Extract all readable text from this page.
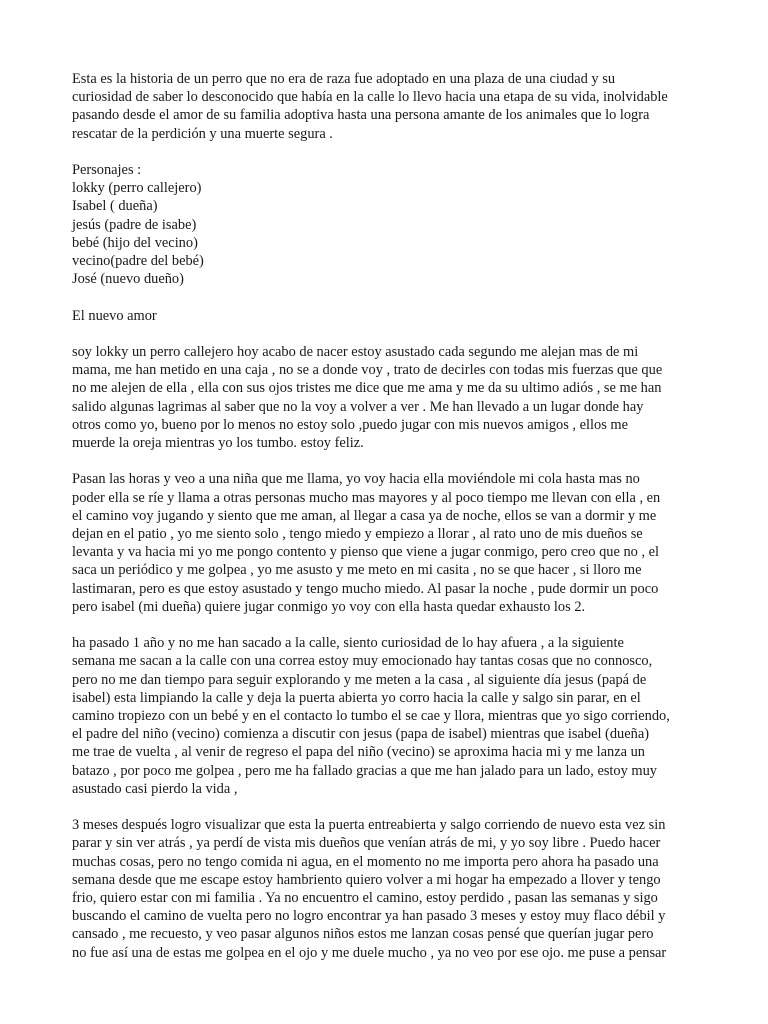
Esta es la historia de un perro que no era de raza fue adoptado en una plaza de una ciudad y su
curiosidad de saber lo desconocido que había en la calle lo llevo hacia una etapa de su vida, inolvidable
pasando desde el amor de su familia adoptiva hasta una persona amante de los animales que lo logra
rescatar de la perdición y una muerte segura .
Personajes :
lokky (perro callejero)
Isabel ( dueña)
jesús (padre de isabe)
bebé (hijo del vecino)
vecino(padre del bebé)
José (nuevo dueño)
El nuevo amor
soy lokky un perro callejero hoy acabo de nacer estoy asustado cada segundo me alejan mas de mi
mama, me han metido en una caja , no se a donde voy , trato de decirles con todas mis fuerzas que que
no me alejen de ella , ella con sus ojos tristes me dice que me ama y me da su ultimo adiós , se me han
salido algunas lagrimas al saber que no la voy a volver a ver . Me han llevado a un lugar donde hay
otros como yo, bueno por lo menos no estoy solo ,puedo jugar con mis nuevos amigos , ellos me
muerde la oreja mientras yo los tumbo. estoy feliz.
Pasan las horas y veo a una niña que me llama, yo voy hacia ella moviéndole mi cola hasta mas no
poder ella se ríe y llama a otras personas mucho mas mayores y al poco tiempo me llevan con ella , en
el camino voy jugando y siento que me aman, al llegar a casa ya de noche, ellos se van a dormir y me
dejan en el patio , yo me siento solo , tengo miedo y empiezo a llorar , al rato uno de mis dueños se
levanta y va hacia mi yo me pongo contento y pienso que viene a jugar conmigo, pero creo que no , el
saca un periódico y me golpea , yo me asusto y me meto en mi casita , no se que hacer , si lloro me
lastimaran, pero es que estoy asustado y tengo mucho miedo. Al pasar la noche , pude dormir un poco
pero isabel (mi dueña) quiere jugar conmigo yo voy con ella hasta quedar exhausto los 2.
ha pasado 1 año y no me han sacado a la calle, siento curiosidad de lo hay afuera , a la siguiente
semana me sacan a la calle con una correa estoy muy emocionado hay tantas cosas que no connosco,
pero no me dan tiempo para seguir explorando y me meten a la casa , al siguiente día jesus (papá de
isabel) esta limpiando la calle y deja la puerta abierta yo corro hacia la calle y salgo sin parar, en el
camino tropiezo con un bebé y en el contacto lo tumbo el se cae y llora, mientras que yo sigo corriendo,
el padre del niño (vecino) comienza a discutir con jesus (papa de isabel) mientras que isabel (dueña)
me trae de vuelta , al venir de regreso el papa del niño (vecino) se aproxima hacia mi y me lanza un
batazo , por poco me golpea , pero me ha fallado gracias a que me han jalado para un lado, estoy muy
asustado casi pierdo la vida ,
3 meses después logro visualizar que esta la puerta entreabierta y salgo corriendo de nuevo esta vez sin
parar y sin ver atrás , ya perdí de vista mis dueños que venían atrás de mi, y yo soy libre . Puedo hacer
muchas cosas, pero no tengo comida ni agua, en el momento no me importa pero ahora ha pasado una
semana desde que me escape estoy hambriento quiero volver a mi hogar ha empezado a llover y tengo
frio, quiero estar con mi familia . Ya no encuentro el camino, estoy perdido , pasan las semanas y sigo
buscando el camino de vuelta pero no logro encontrar ya han pasado 3 meses y estoy muy flaco débil y
cansado , me recuesto, y veo pasar algunos niños estos me lanzan cosas pensé que querían jugar pero
no fue así una de estas me golpea en el ojo y me duele mucho , ya no veo por ese ojo. me puse a pensar
